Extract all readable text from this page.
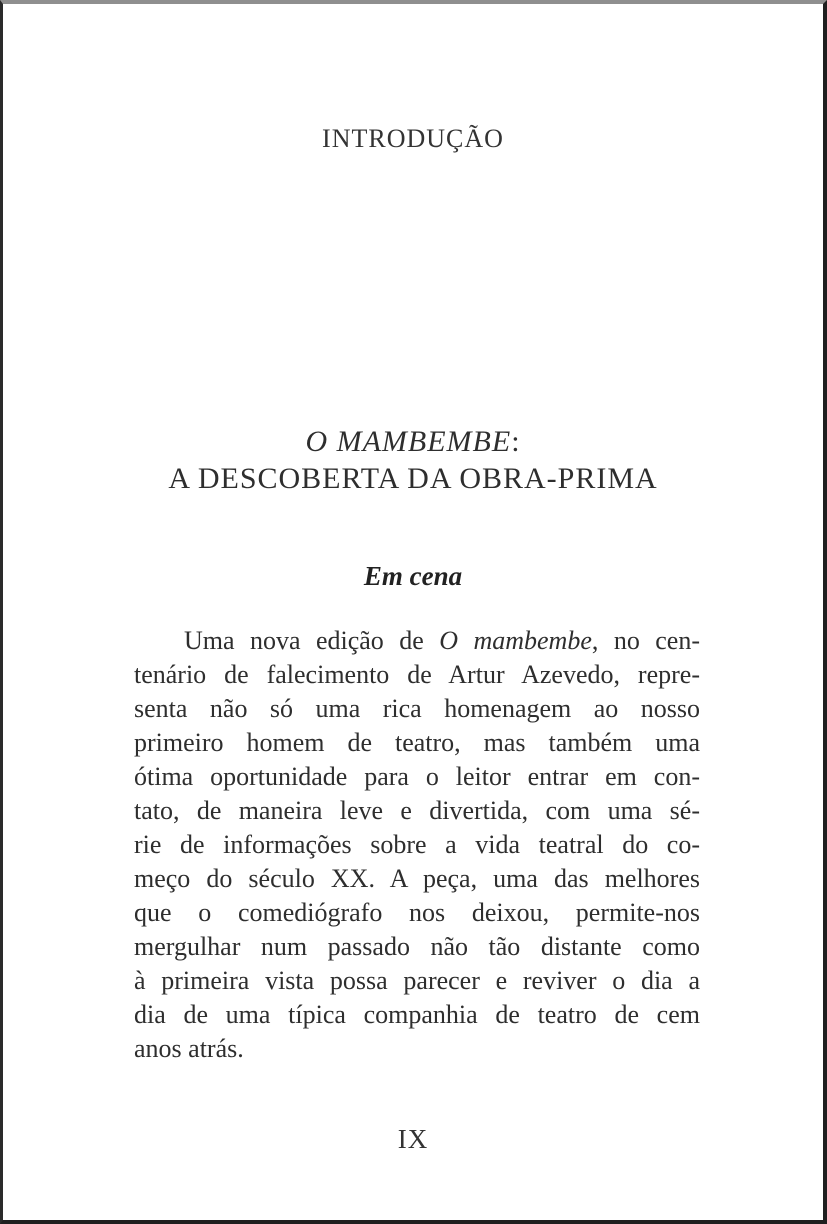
INTRODUÇÃO
O MAMBEMBE:
A DESCOBERTA DA OBRA-PRIMA
Em cena
Uma nova edição de O mambembe, no cen-
tenário de falecimento de Artur Azevedo, repre-
senta não só uma rica homenagem ao nosso
primeiro homem de teatro, mas também uma
ótima oportunidade para o leitor entrar em con-
tato, de maneira leve e divertida, com uma sé-
rie de informações sobre a vida teatral do co-
meço do século XX. A peça, uma das melhores
que o comediógrafo nos deixou, permite-nos
mergulhar num passado não tão distante como
à primeira vista possa parecer e reviver o dia a
dia de uma típica companhia de teatro de cem
anos atrás.
IX
